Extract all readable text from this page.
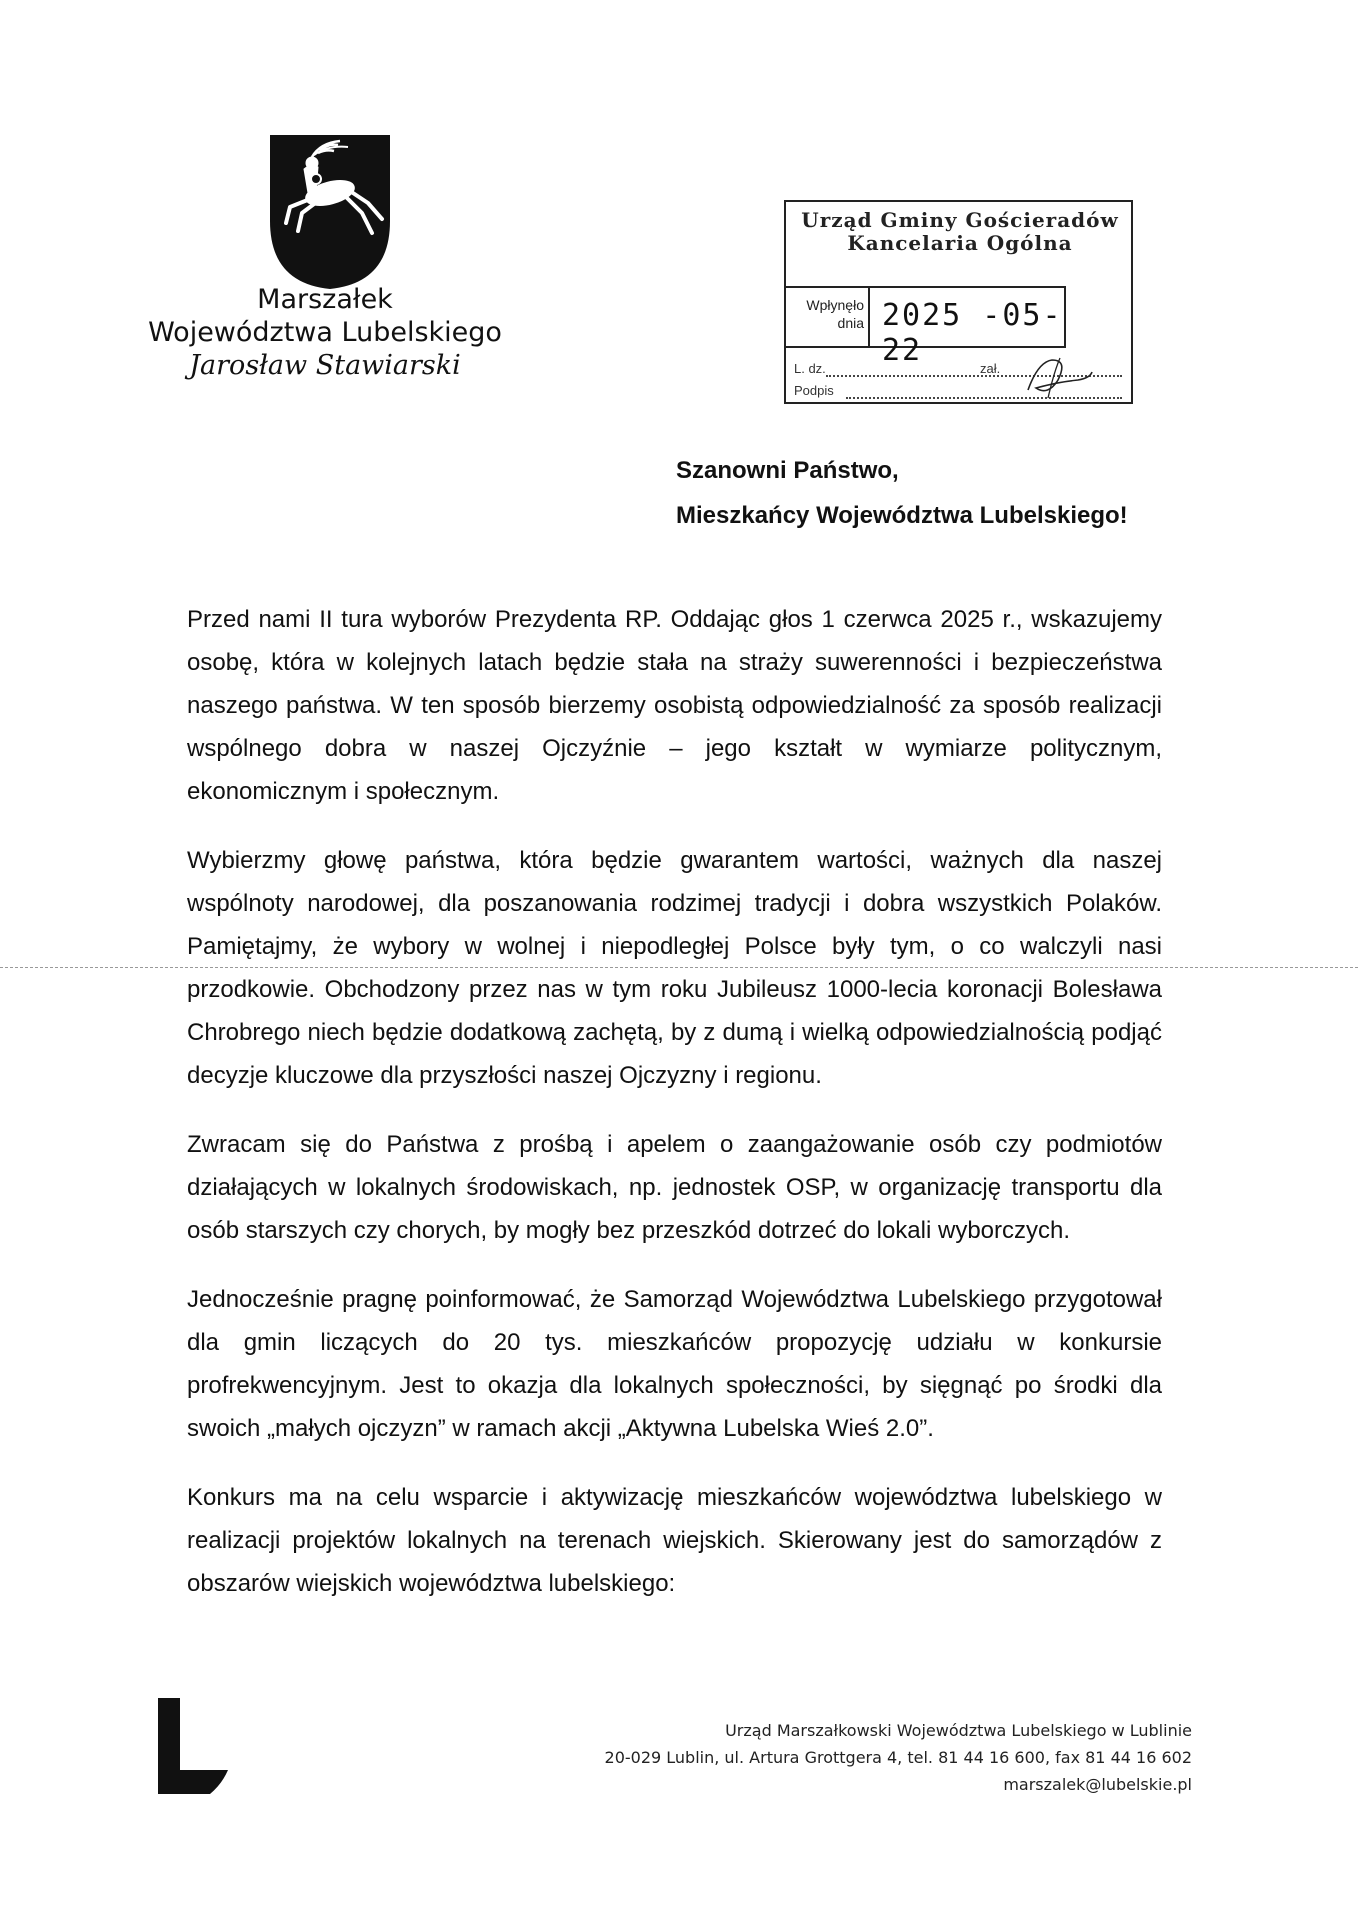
Marszałek
Województwa Lubelskiego
Jarosław Stawiarski
Urząd Gminy Gościeradów
Kancelaria Ogólna
Wpłynęło
dnia 2025 -05- 22
L. dz.	zał.
Podpis
Szanowni Państwo,
Mieszkańcy Województwa Lubelskiego!

Przed nami II tura wyborów Prezydenta RP. Oddając głos 1 czerwca 2025 r., wskazujemy osobę, która w kolejnych latach będzie stała na straży suwerenności i bezpieczeństwa naszego państwa. W ten sposób bierzemy osobistą odpowiedzialność za sposób realizacji wspólnego dobra w naszej Ojczyźnie – jego kształt w wymiarze politycznym, ekonomicznym i społecznym.

Wybierzmy głowę państwa, która będzie gwarantem wartości, ważnych dla naszej wspólnoty narodowej, dla poszanowania rodzimej tradycji i dobra wszystkich Polaków. Pamiętajmy, że wybory w wolnej i niepodległej Polsce były tym, o co walczyli nasi przodkowie. Obchodzony przez nas w tym roku Jubileusz 1000-lecia koronacji Bolesława Chrobrego niech będzie dodatkową zachętą, by z dumą i wielką odpowiedzialnością podjąć decyzje kluczowe dla przyszłości naszej Ojczyzny i regionu.

Zwracam się do Państwa z prośbą i apelem o zaangażowanie osób czy podmiotów działających w lokalnych środowiskach, np. jednostek OSP, w organizację transportu dla osób starszych czy chorych, by mogły bez przeszkód dotrzeć do lokali wyborczych.

Jednocześnie pragnę poinformować, że Samorząd Województwa Lubelskiego przygotował dla gmin liczących do 20 tys. mieszkańców propozycję udziału w konkursie profrekwencyjnym. Jest to okazja dla lokalnych społeczności, by sięgnąć po środki dla swoich „małych ojczyzn” w ramach akcji „Aktywna Lubelska Wieś 2.0”.

Konkurs ma na celu wsparcie i aktywizację mieszkańców województwa lubelskiego w realizacji projektów lokalnych na terenach wiejskich. Skierowany jest do samorządów z obszarów wiejskich województwa lubelskiego:

Urząd Marszałkowski Województwa Lubelskiego w Lublinie
20-029 Lublin, ul. Artura Grottgera 4, tel. 81 44 16 600, fax 81 44 16 602
marszalek@lubelskie.pl
